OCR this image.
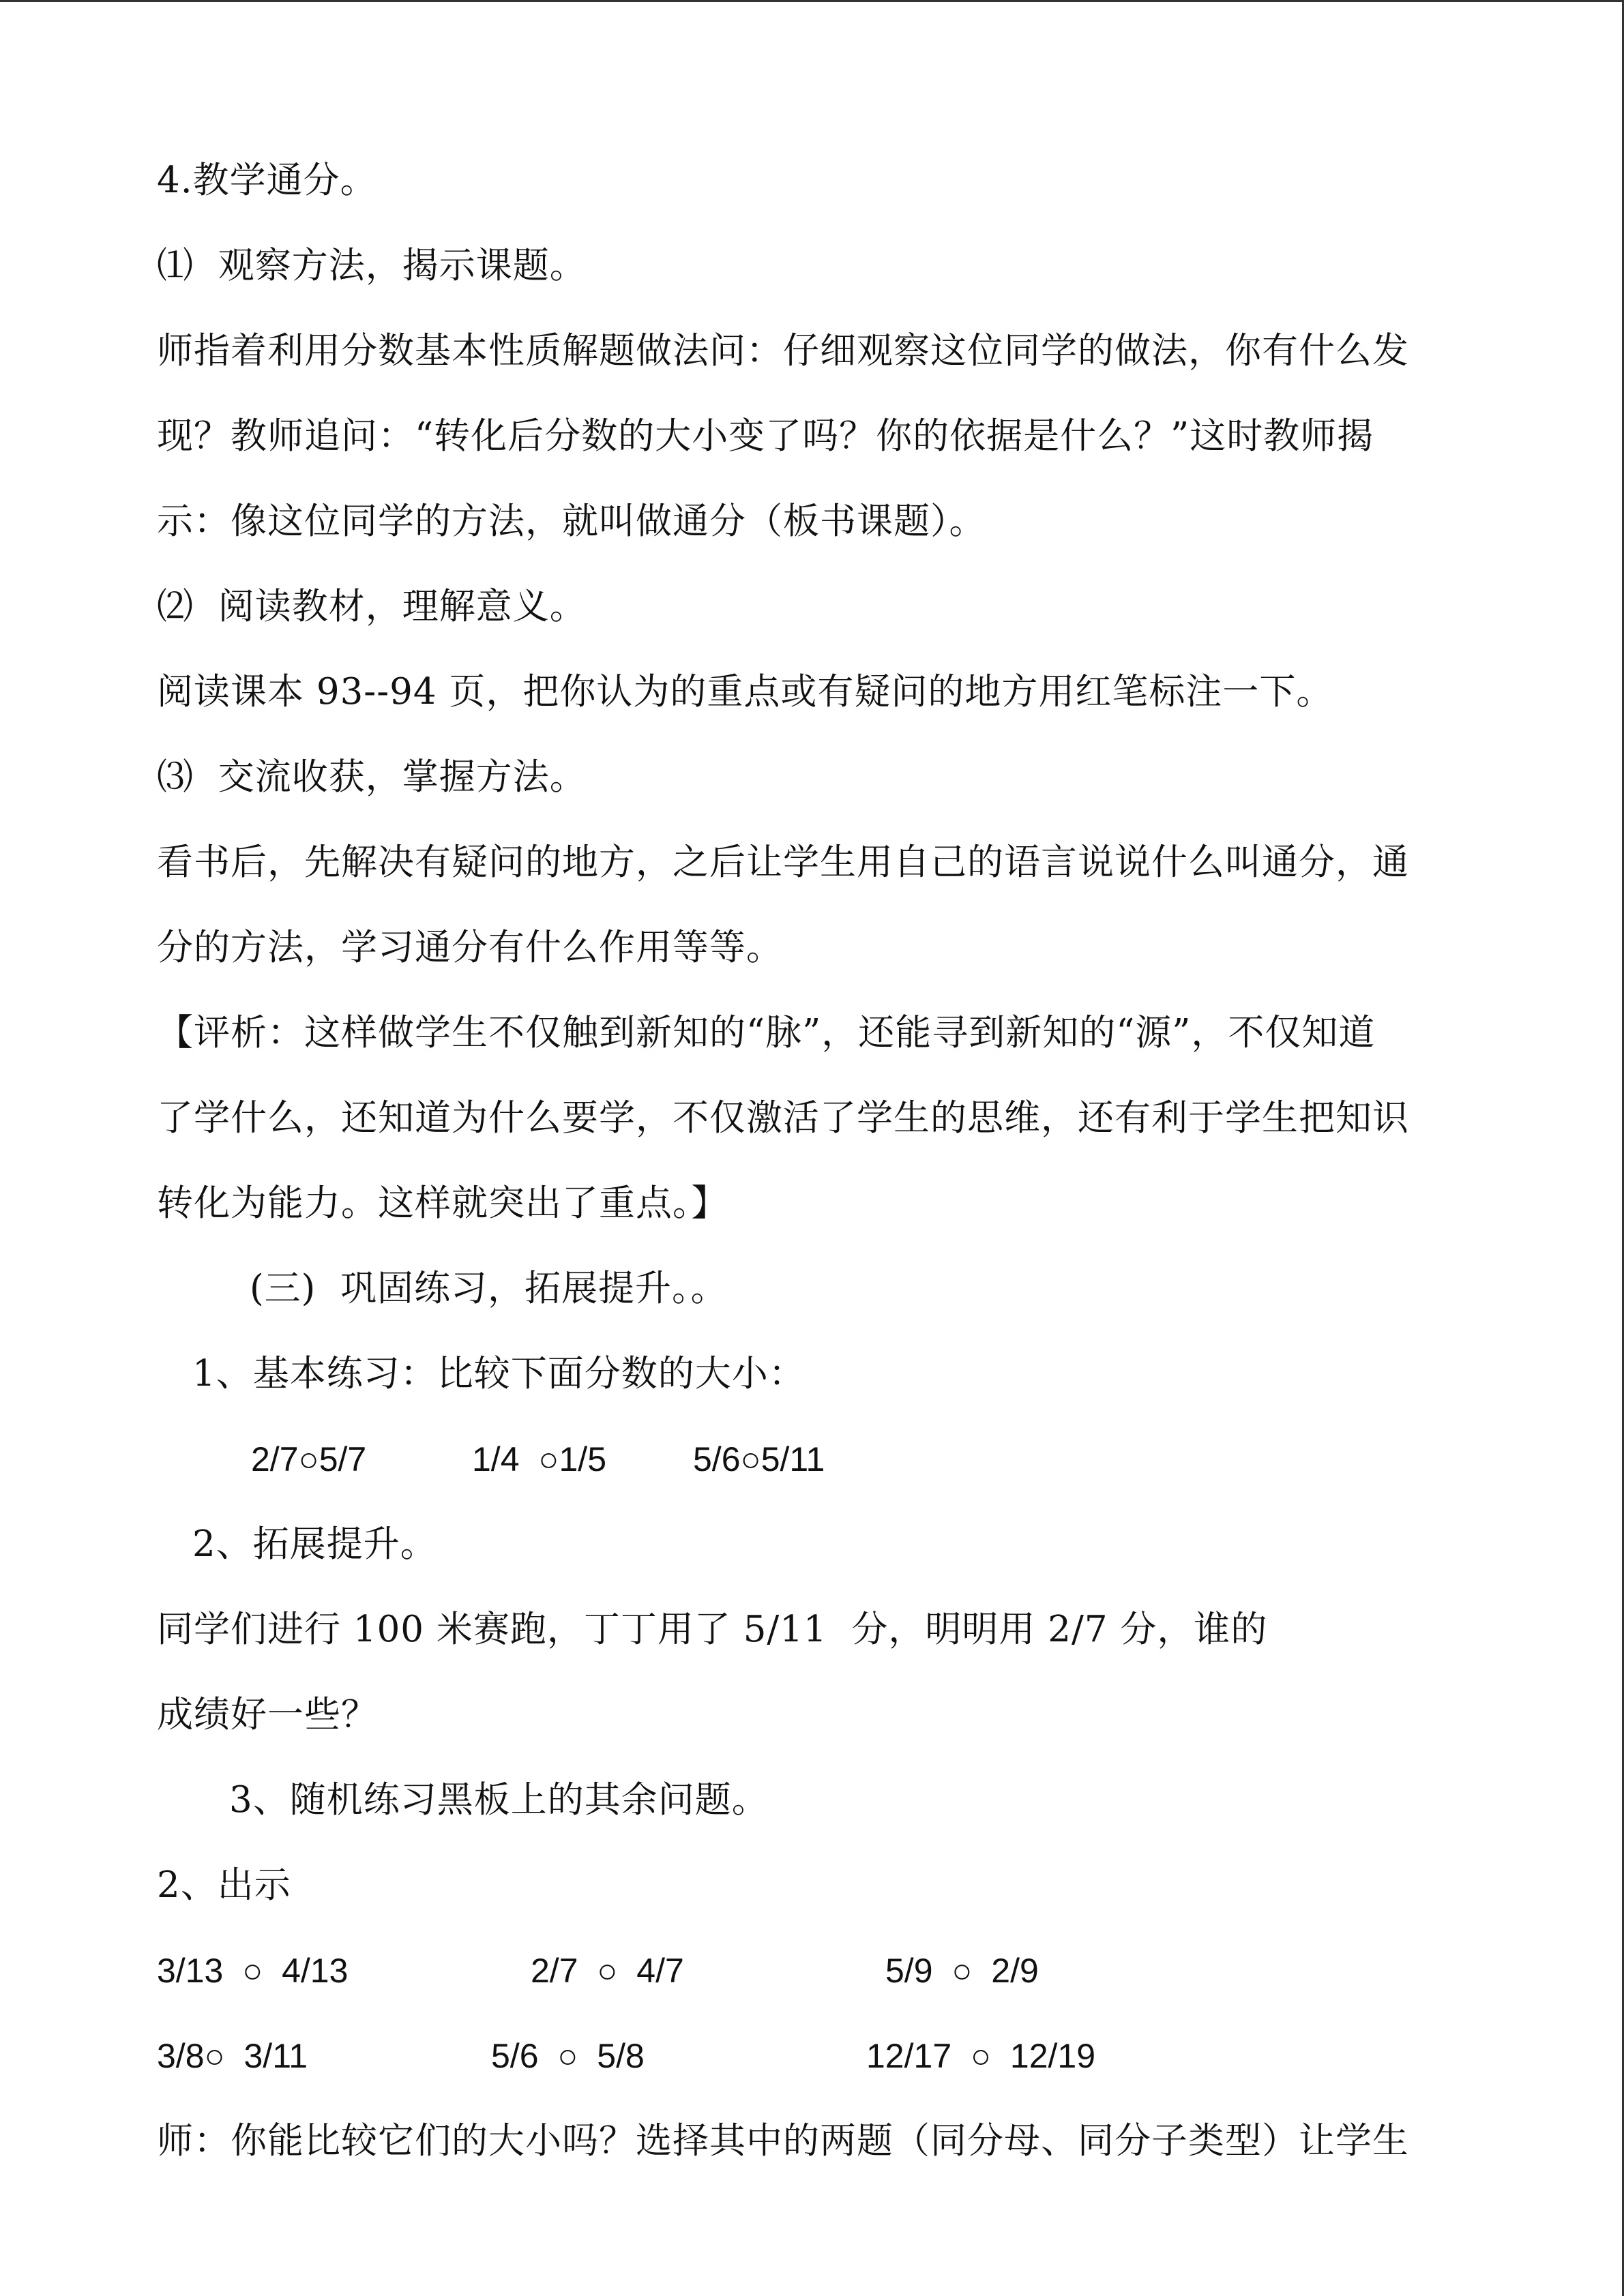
4.教学通分。
⑴  观察方法，揭示课题。
师指着利用分数基本性质解题做法问：仔细观察这位同学的做法，你有什么发
现？教师追问：“转化后分数的大小变了吗？你的依据是什么？”这时教师揭
示：像这位同学的方法，就叫做通分（板书课题）。
⑵  阅读教材，理解意义。
阅读课本 93--94 页，把你认为的重点或有疑问的地方用红笔标注一下。
⑶  交流收获，掌握方法。
看书后，先解决有疑问的地方，之后让学生用自己的语言说说什么叫通分，通
分的方法，学习通分有什么作用等等。
【评析：这样做学生不仅触到新知的“脉”，还能寻到新知的“源”，不仅知道
了学什么，还知道为什么要学，不仅激活了学生的思维，还有利于学生把知识
转化为能力。这样就突出了重点。】
(三)  巩固练习，拓展提升。。
1、基本练习：比较下面分数的大小：
2/7○5/7	1/4  ○1/5	5/6○5/11
2、拓展提升。
同学们进行 100 米赛跑，丁丁用了 5/11  分，明明用 2/7 分，谁的
成绩好一些？
3、随机练习黑板上的其余问题。
2、出示
3/13  ○  4/13	2/7  ○  4/7	5/9  ○  2/9
3/8○  3/11	5/6  ○  5/8	12/17  ○  12/19
师：你能比较它们的大小吗？选择其中的两题（同分母、同分子类型）让学生
